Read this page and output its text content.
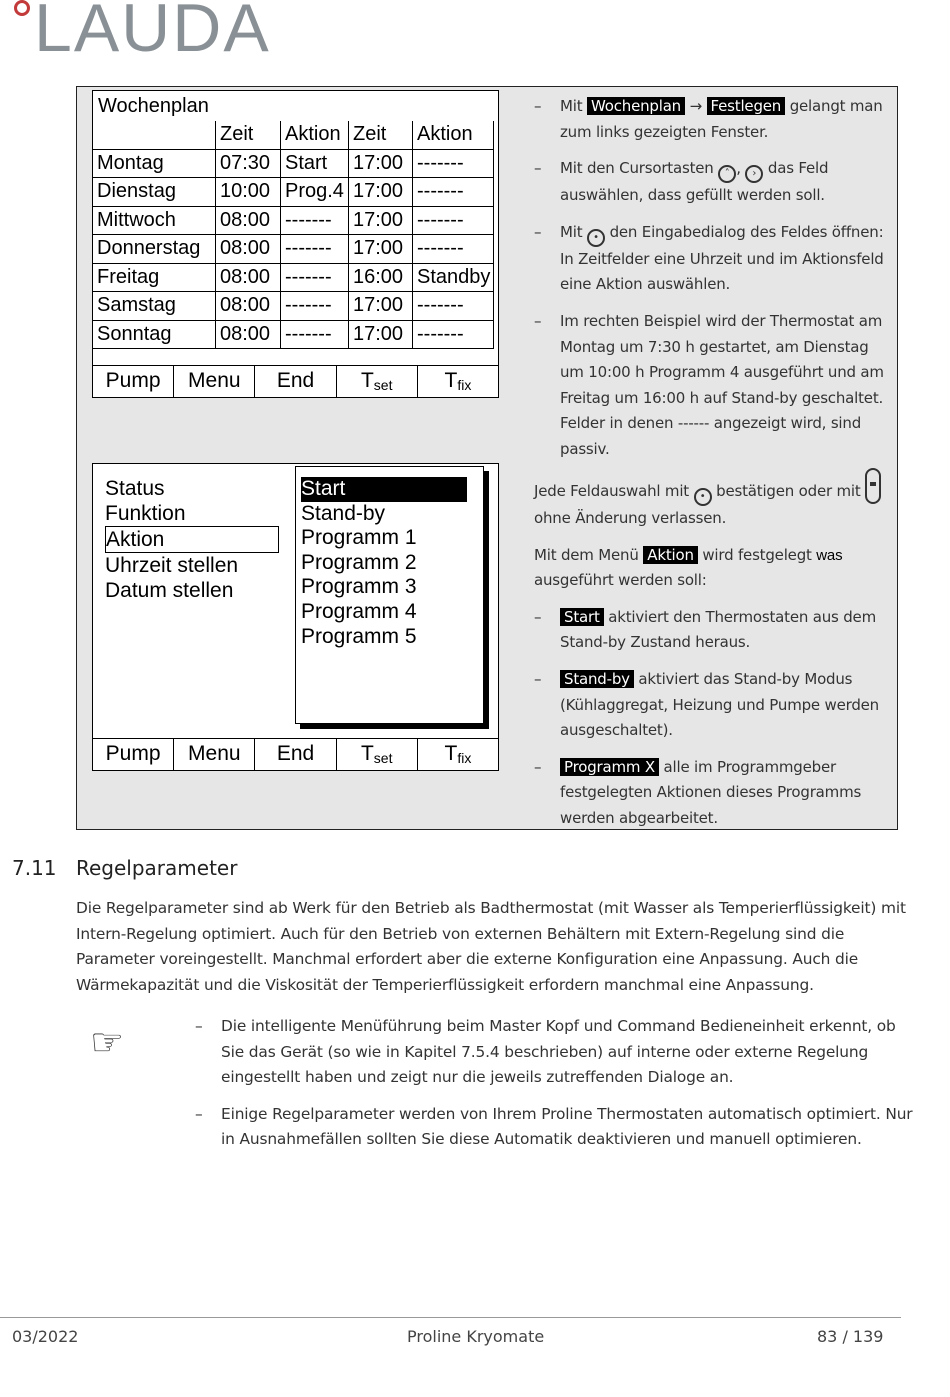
LAUDA
Wochenplan
	Zeit	Aktion	Zeit	Aktion
Montag	07:30	Start	17:00	-------
Dienstag	10:00	Prog.4	17:00	-------
Mittwoch	08:00	-------	17:00	-------
Donnerstag	08:00	-------	17:00	-------
Freitag	08:00	-------	16:00	Standby
Samstag	08:00	-------	17:00	-------
Sonntag	08:00	-------	17:00	-------
Pump	Menu	End	$T_{set}$	$T_{fix}$
– Mit Wochenplan → Festlegen gelangt man zum links gezeigten Fenster.
– Mit den Cursortasten ˄ , › das Feld auswählen, dass gefüllt werden soll.
– Mit • den Eingabedialog des Feldes öffnen: In Zeitfelder eine Uhrzeit und im Aktionsfeld eine Aktion auswählen.
– Im rechten Beispiel wird der Thermostat am Montag um 7:30 h gestartet, am Dienstag um 10:00 h Programm 4 ausgeführt und am Freitag um 16:00 h auf Stand-by geschaltet. Felder in denen ------ angezeigt wird, sind passiv.
Status
Funktion
Aktion
Uhrzeit stellen
Datum stellen
Start
Stand-by
Programm 1
Programm 2
Programm 3
Programm 4
Programm 5
Pump	Menu	End	$T_{set}$	$T_{fix}$
Jede Feldauswahl mit • bestätigen oder mit  ohne Änderung verlassen.
Mit dem Menü Aktion wird festgelegt was ausgeführt werden soll:
– Start aktiviert den Thermostaten aus dem Stand-by Zustand heraus.
– Stand-by aktiviert das Stand-by Modus (Kühlaggregat, Heizung und Pumpe werden ausgeschaltet).
– Programm X alle im Programmgeber festgelegten Aktionen dieses Programms werden abgearbeitet.
7.11 Regelparameter
Die Regelparameter sind ab Werk für den Betrieb als Badthermostat (mit Wasser als Temperierflüssigkeit) mit Intern-Regelung optimiert. Auch für den Betrieb von externen Behältern mit Extern-Regelung sind die Parameter voreingestellt. Manchmal erfordert aber die externe Konfiguration eine Anpassung. Auch die Wärmekapazität und die Viskosität der Temperierflüssigkeit erfordern manchmal eine Anpassung.
☞	– Die intelligente Menüführung beim Master Kopf und Command Bedieneinheit erkennt, ob Sie das Gerät (so wie in Kapitel 7.5.4 beschrieben) auf interne oder externe Regelung eingestellt haben und zeigt nur die jeweils zutreffenden Dialoge an.
– Einige Regelparameter werden von Ihrem Proline Thermostaten automatisch optimiert. Nur in Ausnahmefällen sollten Sie diese Automatik deaktivieren und manuell optimieren.
03/2022	Proline Kryomate	83 / 139
